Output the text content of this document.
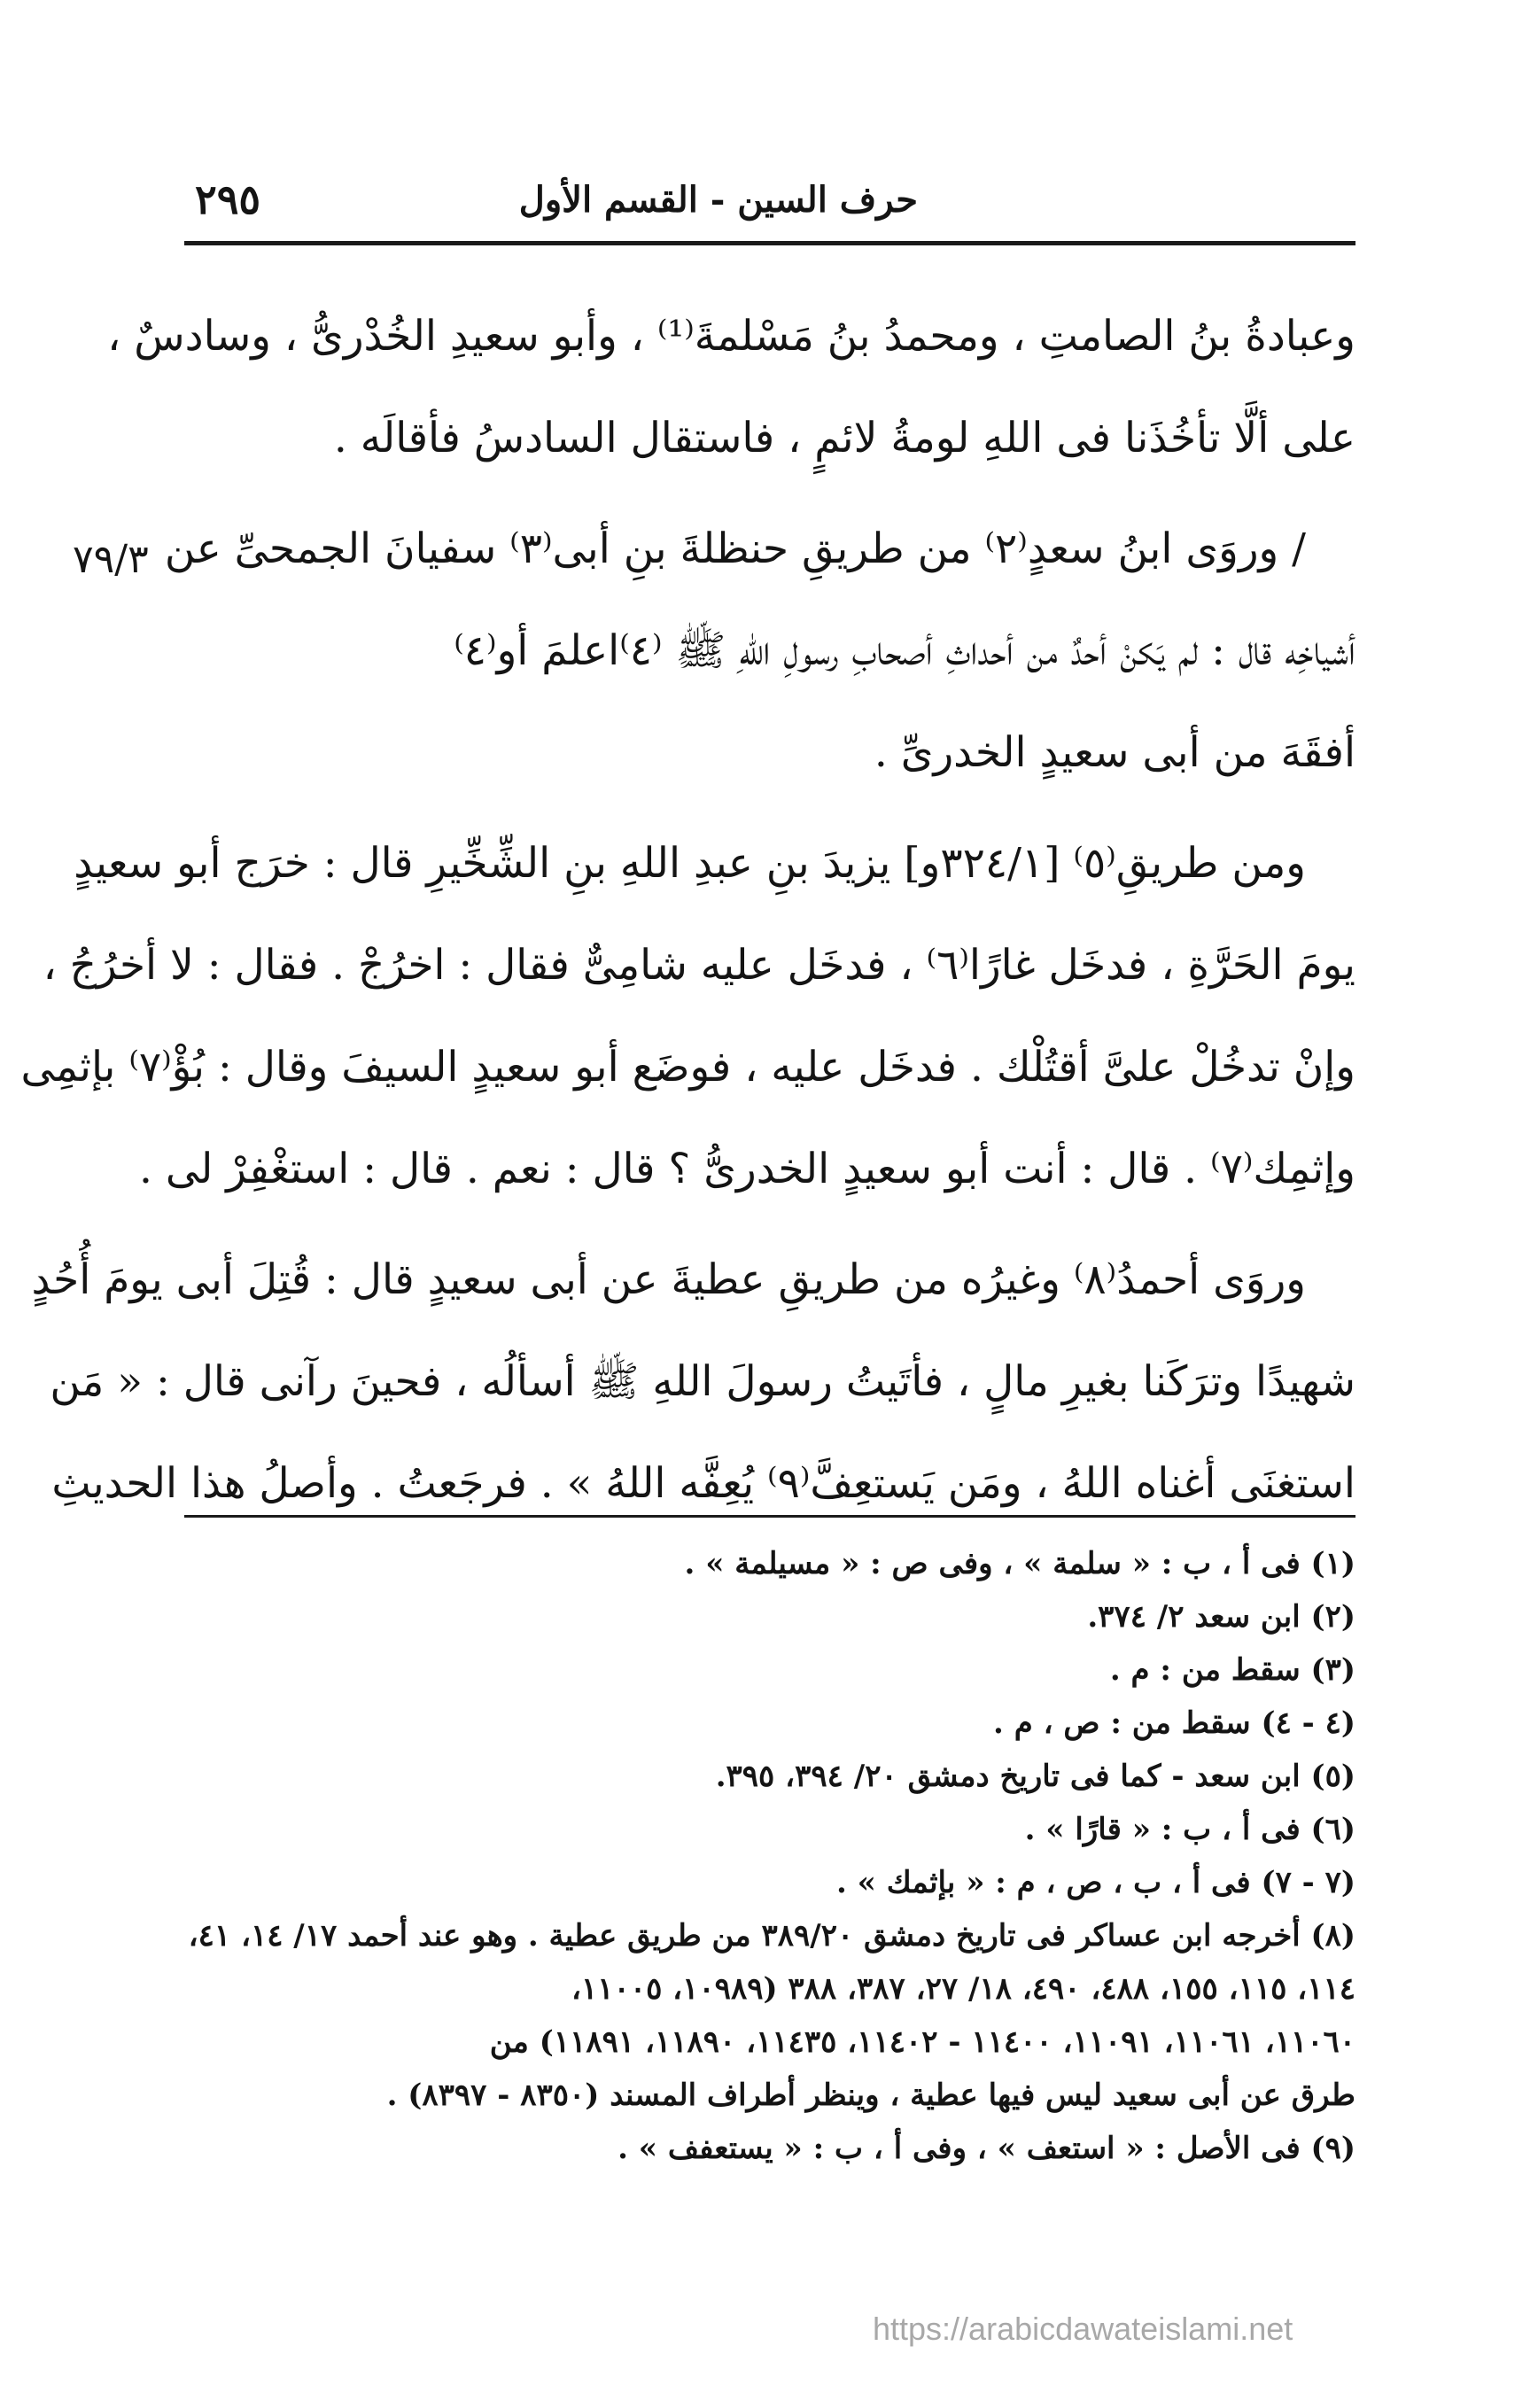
حرف السين - القسم الأول
٢٩٥
٧٩/٣
وعبادةُ بنُ الصامتِ ، ومحمدُ بنُ مَسْلمةَ⁽¹⁾ ، وأبو سعيدِ الخُدْرىُّ ، وسادسٌ ،
على ألَّا تأخُذَنا فى اللهِ لومةُ لائمٍ ، فاستقال السادسُ فأقالَه .
/ وروَى ابنُ سعدٍ⁽٢⁾ من طريقِ حنظلةَ بنِ أبى⁽٣⁾ سفيانَ الجمحىِّ عن
أشياخِه قال : لم يَكنْ أحدٌ من أحداثِ أصحابِ رسولِ اللهِ ﷺ ⁽٤⁾اعلمَ أو⁽٤⁾
أفقَهَ من أبى سعيدٍ الخدرىِّ .
ومن طريقِ⁽٥⁾ [٣٢٤/١و] يزيدَ بنِ عبدِ اللهِ بنِ الشِّخِّيرِ قال : خرَج أبو سعيدٍ
يومَ الحَرَّةِ ، فدخَل غارًا⁽٦⁾ ، فدخَل عليه شامِىٌّ فقال : اخرُجْ . فقال : لا أخرُجُ ،
وإنْ تدخُلْ علىَّ أقتُلْك . فدخَل عليه ، فوضَع أبو سعيدٍ السيفَ وقال : بُؤْ⁽٧⁾ بإثمِى
وإثمِك⁽٧⁾ . قال : أنت أبو سعيدٍ الخدرىُّ ؟ قال : نعم . قال : استغْفِرْ لى .
وروَى أحمدُ⁽٨⁾ وغيرُه من طريقِ عطيةَ عن أبى سعيدٍ قال : قُتِلَ أبى يومَ أُحُدٍ
شهيدًا وترَكَنا بغيرِ مالٍ ، فأتَيتُ رسولَ اللهِ ﷺ أسألُه ، فحينَ رآنى قال : « مَن
استغنَى أغناه اللهُ ، ومَن يَستعِفَّ⁽٩⁾ يُعِفَّه اللهُ » . فرجَعتُ . وأصلُ هذا الحديثِ
(١) فى أ ، ب : « سلمة » ، وفى ص : « مسيلمة » .
(٢) ابن سعد ٢/ ٣٧٤.
(٣) سقط من : م .
(٤ - ٤) سقط من : ص ، م .
(٥) ابن سعد - كما فى تاريخ دمشق ٢٠/ ٣٩٤، ٣٩٥.
(٦) فى أ ، ب : « قارًا » .
(٧ - ٧) فى أ ، ب ، ص ، م : « بإثمك » .
(٨) أخرجه ابن عساكر فى تاريخ دمشق ٣٨٩/٢٠ من طريق عطية . وهو عند أحمد ١٧/ ١٤، ٤١،
١١٤، ١١٥، ١٥٥، ٤٨٨، ٤٩٠، ١٨/ ٢٧، ٣٨٧، ٣٨٨ (١٠٩٨٩، ١١٠٠٥،
١١٠٦٠، ١١٠٦١، ١١٠٩١، ١١٤٠٠ - ١١٤٠٢، ١١٤٣٥، ١١٨٩٠، ١١٨٩١) من
طرق عن أبى سعيد ليس فيها عطية ، وينظر أطراف المسند (٨٣٥٠ - ٨٣٩٧) .
(٩) فى الأصل : « استعف » ، وفى أ ، ب : « يستعفف » .
https://arabicdawateislami.net
